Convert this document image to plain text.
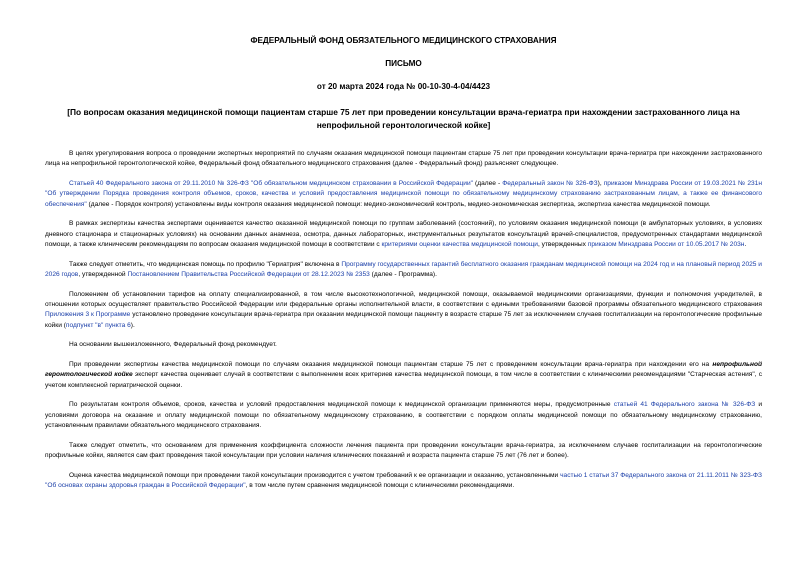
ФЕДЕРАЛЬНЫЙ ФОНД ОБЯЗАТЕЛЬНОГО МЕДИЦИНСКОГО СТРАХОВАНИЯ
ПИСЬМО
от 20 марта 2024 года № 00-10-30-4-04/4423
[По вопросам оказания медицинской помощи пациентам старше 75 лет при проведении консультации врача-гериатра при нахождении застрахованного лица на непрофильной геронтологической койке]

В целях урегулирования вопроса о проведении экспертных мероприятий по случаям оказания медицинской помощи пациентам старше 75 лет при проведении консультации врача-гериатра при нахождении застрахованного лица на непрофильной геронтологической койке, Федеральный фонд обязательного медицинского страхования (далее - Федеральный фонд) разъясняет следующее.

Статьей 40 Федерального закона от 29.11.2010 № 326-ФЗ "Об обязательном медицинском страховании в Российской Федерации" (далее - Федеральный закон № 326-ФЗ), приказом Минздрава России от 19.03.2021 № 231н "Об утверждении Порядка проведения контроля объемов, сроков, качества и условий предоставления медицинской помощи по обязательному медицинскому страхованию застрахованным лицам, а также ее финансового обеспечения" (далее - Порядок контроля) установлены виды контроля оказания медицинской помощи: медико-экономический контроль, медико-экономическая экспертиза, экспертиза качества медицинской помощи.

В рамках экспертизы качества экспертами оценивается качество оказанной медицинской помощи по группам заболеваний (состояний), по условиям оказания медицинской помощи (в амбулаторных условиях, в условиях дневного стационара и стационарных условиях) на основании данных анамнеза, осмотра, данных лабораторных, инструментальных результатов консультаций врачей-специалистов, предусмотренных стандартами медицинской помощи, а также клиническим рекомендациям по вопросам оказания медицинской помощи в соответствии с критериями оценки качества медицинской помощи, утвержденных приказом Минздрава России от 10.05.2017 № 203н.

Также следует отметить, что медицинская помощь по профилю "Гериатрия" включена в Программу государственных гарантий бесплатного оказания гражданам медицинской помощи на 2024 год и на плановый период 2025 и 2026 годов, утвержденной Постановлением Правительства Российской Федерации от 28.12.2023 № 2353 (далее - Программа).

Положением об установлении тарифов на оплату специализированной, в том числе высокотехнологичной, медицинской помощи, оказываемой медицинскими организациями, функции и полномочия учредителей, в отношении которых осуществляет правительство Российской Федерации или федеральные органы исполнительной власти, в соответствии с едиными требованиями базовой программы обязательного медицинского страхования Приложения 3 к Программе установлено проведение консультации врача-гериатра при оказании медицинской помощи пациенту в возрасте старше 75 лет за исключением случаев госпитализации на геронтологические профильные койки (подпункт "в" пункта 6).

На основании вышеизложенного, Федеральный фонд рекомендует.

При проведении экспертизы качества медицинской помощи по случаям оказания медицинской помощи пациентам старше 75 лет с проведением консультации врача-гериатра при нахождении его на непрофильной геронтологической койке эксперт качества оценивает случай в соответствии с выполнением всех критериев качества медицинской помощи, в том числе в соответствии с клиническими рекомендациями "Старческая астения", с учетом комплексной гериатрической оценки.

По результатам контроля объемов, сроков, качества и условий предоставления медицинской помощи к медицинской организации применяются меры, предусмотренные статьей 41 Федерального закона № 326-ФЗ и условиями договора на оказание и оплату медицинской помощи по обязательному медицинскому страхованию, в соответствии с порядком оплаты медицинской помощи по обязательному медицинскому страхованию, установленным правилами обязательного медицинского страхования.

Также следует отметить, что основанием для применения коэффициента сложности лечения пациента при проведении консультации врача-гериатра, за исключением случаев госпитализации на геронтологические профильные койки, является сам факт проведения такой консультации при условии наличия клинических показаний и возраста пациента старше 75 лет (76 лет и более).

Оценка качества медицинской помощи при проведении такой консультации производится с учетом требований к ее организации и оказанию, установленными частью 1 статьи 37 Федерального закона от 21.11.2011 № 323-ФЗ "Об основах охраны здоровья граждан в Российской Федерации", в том числе путем сравнения медицинской помощи с клиническими рекомендациями.
